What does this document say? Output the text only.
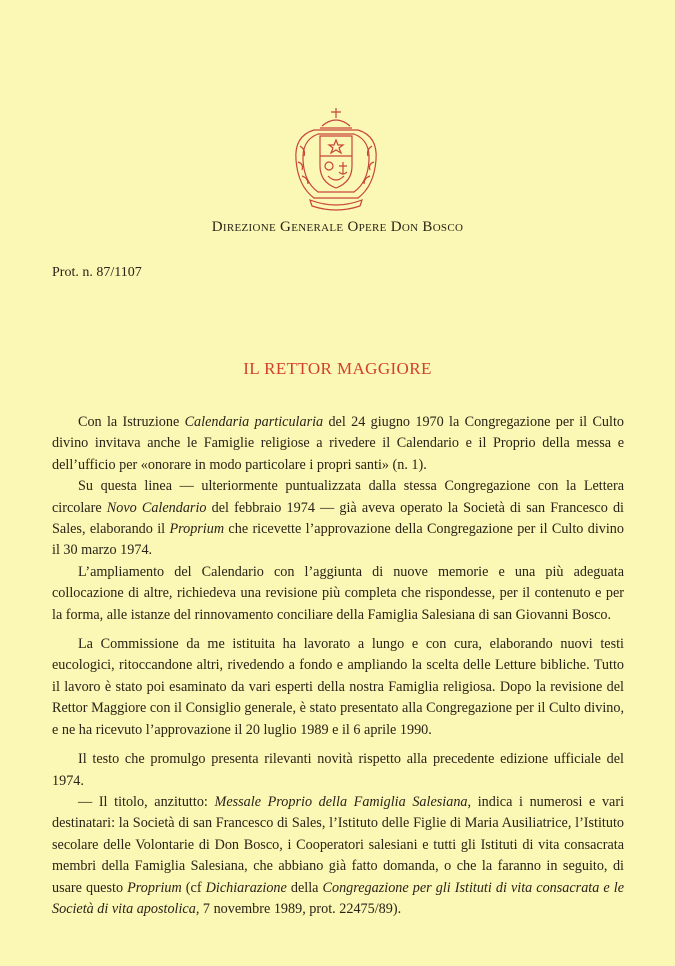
Direzione Generale Opere Don Bosco
Prot. n. 87/1107
IL RETTOR MAGGIORE

Con la Istruzione Calendaria particularia del 24 giugno 1970 la Congregazione per il Culto divino invitava anche le Famiglie religiose a rivedere il Calendario e il Proprio della messa e dell’ufficio per «onorare in modo particolare i propri santi» (n. 1).

Su questa linea — ulteriormente puntualizzata dalla stessa Congregazione con la Lettera circolare Novo Calendario del febbraio 1974 — già aveva operato la Società di san Francesco di Sales, elaborando il Proprium che ricevette l’approvazione della Congregazione per il Culto divino il 30 marzo 1974.

L’ampliamento del Calendario con l’aggiunta di nuove memorie e una più adeguata collocazione di altre, richiedeva una revisione più completa che rispondesse, per il contenuto e per la forma, alle istanze del rinnovamento conciliare della Famiglia Salesiana di san Giovanni Bosco.

La Commissione da me istituita ha lavorato a lungo e con cura, elaborando nuovi testi eucologici, ritoccandone altri, rivedendo a fondo e ampliando la scelta delle Letture bibliche. Tutto il lavoro è stato poi esaminato da vari esperti della nostra Famiglia religiosa. Dopo la revisione del Rettor Maggiore con il Consiglio generale, è stato presentato alla Congregazione per il Culto divino, e ne ha ricevuto l’approvazione il 20 luglio 1989 e il 6 aprile 1990.

Il testo che promulgo presenta rilevanti novità rispetto alla precedente edizione ufficiale del 1974.

— Il titolo, anzitutto: Messale Proprio della Famiglia Salesiana, indica i numerosi e vari destinatari: la Società di san Francesco di Sales, l’Istituto delle Figlie di Maria Ausiliatrice, l’Istituto secolare delle Volontarie di Don Bosco, i Cooperatori salesiani e tutti gli Istituti di vita consacrata membri della Famiglia Salesiana, che abbiano già fatto domanda, o che la faranno in seguito, di usare questo Proprium (cf Dichiarazione della Congregazione per gli Istituti di vita consacrata e le Società di vita apostolica, 7 novembre 1989, prot. 22475/89).
